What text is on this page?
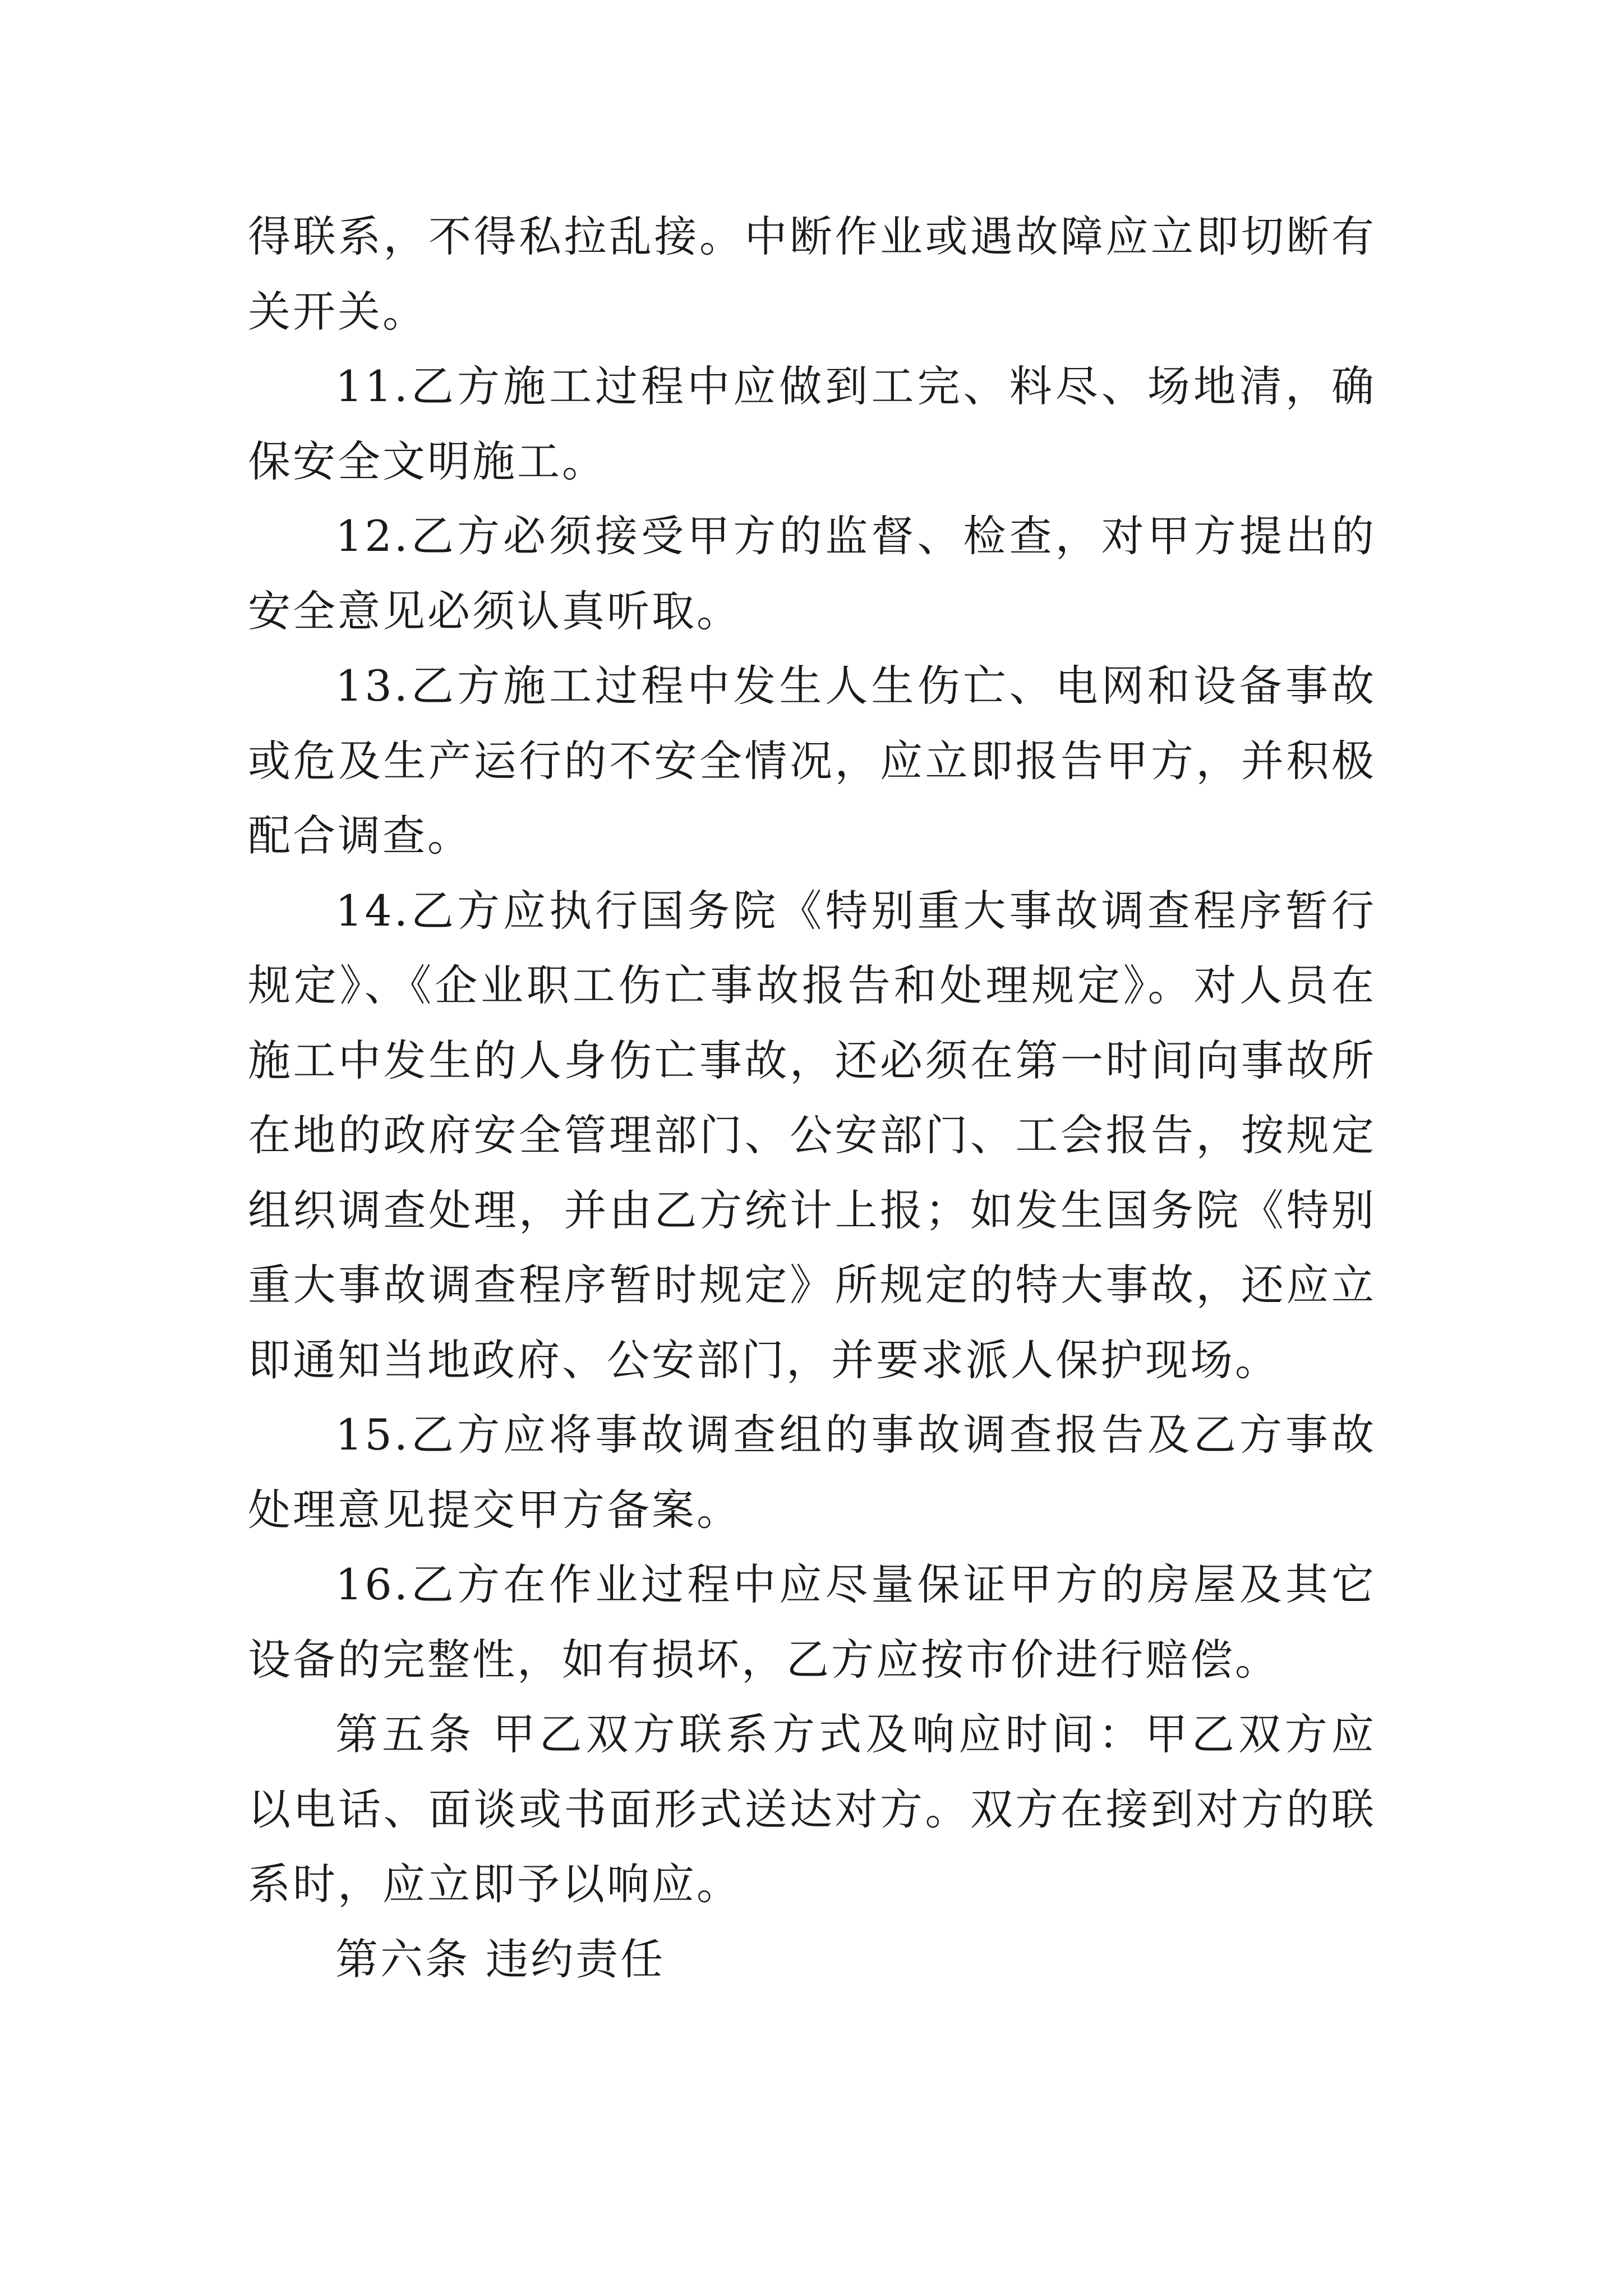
得联系，不得私拉乱接。中断作业或遇故障应立即切断有关开关。

11.乙方施工过程中应做到工完、料尽、场地清，确保安全文明施工。

12.乙方必须接受甲方的监督、检查，对甲方提出的安全意见必须认真听取。

13.乙方施工过程中发生人生伤亡、电网和设备事故或危及生产运行的不安全情况，应立即报告甲方，并积极配合调查。

14.乙方应执行国务院《特别重大事故调查程序暂行规定》、《企业职工伤亡事故报告和处理规定》。对人员在施工中发生的人身伤亡事故，还必须在第一时间向事故所在地的政府安全管理部门、公安部门、工会报告，按规定组织调查处理，并由乙方统计上报；如发生国务院《特别重大事故调查程序暂时规定》所规定的特大事故，还应立即通知当地政府、公安部门，并要求派人保护现场。

15.乙方应将事故调查组的事故调查报告及乙方事故处理意见提交甲方备案。

16.乙方在作业过程中应尽量保证甲方的房屋及其它设备的完整性，如有损坏，乙方应按市价进行赔偿。

第五条 甲乙双方联系方式及响应时间：甲乙双方应以电话、面谈或书面形式送达对方。双方在接到对方的联系时，应立即予以响应。

第六条 违约责任
